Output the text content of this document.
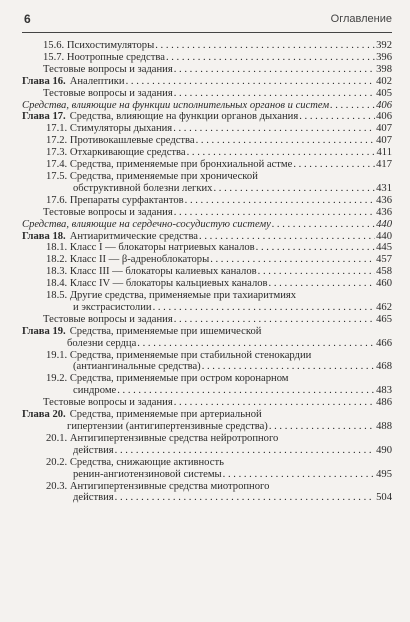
6	Оглавление
15.6. Психостимуляторы . . .	392
15.7. Ноотропные средства . . .	396
Тестовые вопросы и задания . . .	398
Глава 16. Аналептики . . .	402
Тестовые вопросы и задания . . .	405
Средства, влияющие на функции исполнительных органов и систем . . .	406
Глава 17. Средства, влияющие на функции органов дыхания . . .	406
17.1. Стимуляторы дыхания . . .	407
17.2. Противокашлевые средства . . .	407
17.3. Отхаркивающие средства . . .	411
17.4. Средства, применяемые при бронхиальной астме . . .	417
17.5. Средства, применяемые при хронической
обструктивной болезни легких . . .	431
17.6. Препараты сурфактантов . . .	436
Тестовые вопросы и задания . . .	436
Средства, влияющие на сердечно-сосудистую систему . . .	440
Глава 18. Антиаритмические средства . . .	440
18.1. Класс I — блокаторы натриевых каналов . . .	445
18.2. Класс II — β-адреноблокаторы . . .	457
18.3. Класс III — блокаторы калиевых каналов . . .	458
18.4. Класс IV — блокаторы кальциевых каналов . . .	460
18.5. Другие средства, применяемые при тахиаритмиях
и экстрасистолии . . .	462
Тестовые вопросы и задания . . .	465
Глава 19. Средства, применяемые при ишемической
болезни сердца . . .	466
19.1. Средства, применяемые при стабильной стенокардии
(антиангинальные средства) . . .	468
19.2. Средства, применяемые при остром коронарном
синдроме . . .	483
Тестовые вопросы и задания . . .	486
Глава 20. Средства, применяемые при артериальной
гипертензии (антигипертензивные средства) . . .	488
20.1. Антигипертензивные средства нейротропного
действия . . .	490
20.2. Средства, снижающие активность
ренин-ангиотензиновой системы . . .	495
20.3. Антигипертензивные средства миотропного
действия . . .	504
